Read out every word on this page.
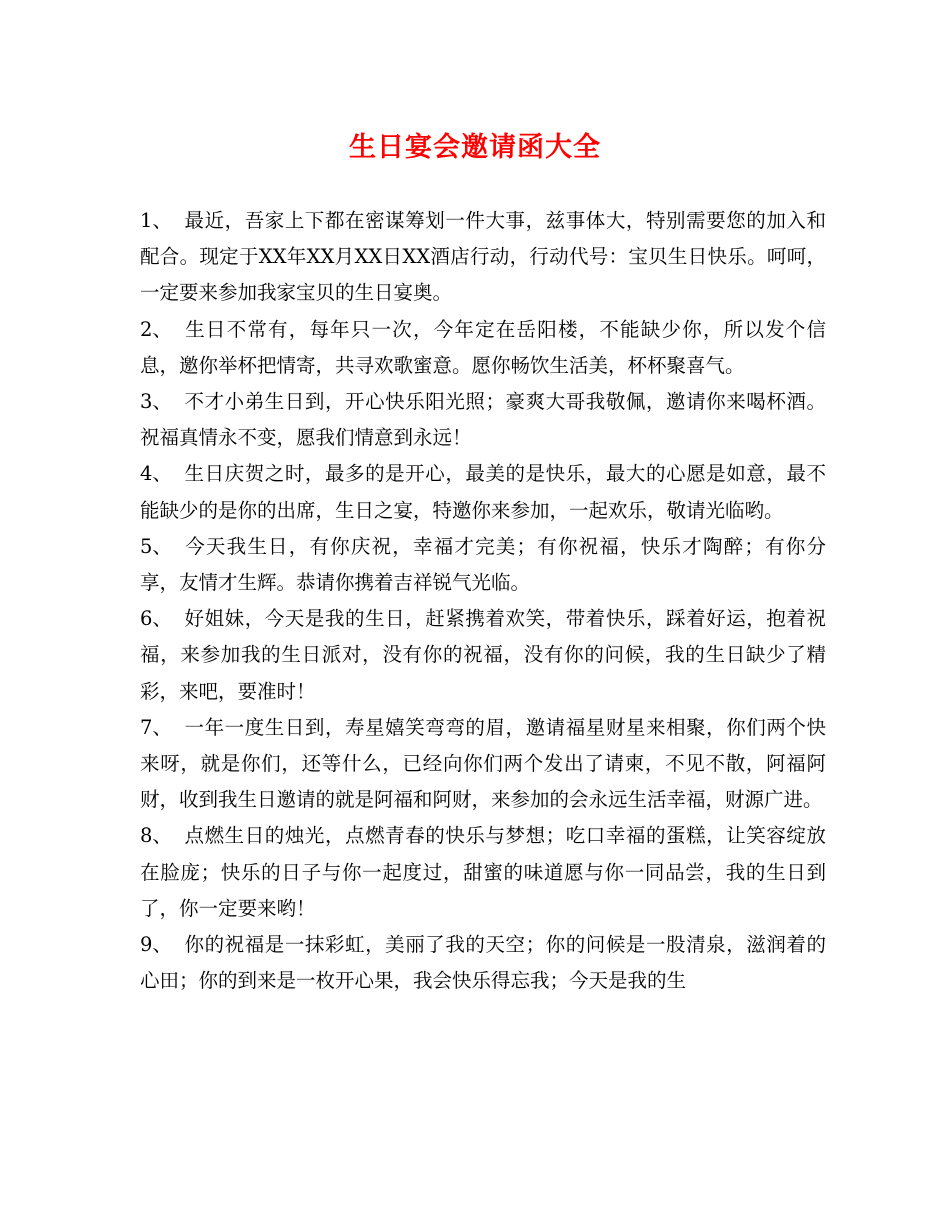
生日宴会邀请函大全

1、 最近，吾家上下都在密谋筹划一件大事，兹事体大，特别需要您的加入和配合。现定于XX年XX月XX日XX酒店行动，行动代号：宝贝生日快乐。呵呵，一定要来参加我家宝贝的生日宴奥。

2、 生日不常有，每年只一次，今年定在岳阳楼，不能缺少你，所以发个信息，邀你举杯把情寄，共寻欢歌蜜意。愿你畅饮生活美，杯杯聚喜气。

3、 不才小弟生日到，开心快乐阳光照；豪爽大哥我敬佩，邀请你来喝杯酒。祝福真情永不变，愿我们情意到永远！

4、 生日庆贺之时，最多的是开心，最美的是快乐，最大的心愿是如意，最不能缺少的是你的出席，生日之宴，特邀你来参加，一起欢乐，敬请光临哟。

5、 今天我生日，有你庆祝，幸福才完美；有你祝福，快乐才陶醉；有你分享，友情才生辉。恭请你携着吉祥锐气光临。

6、 好姐妹，今天是我的生日，赶紧携着欢笑，带着快乐，踩着好运，抱着祝福，来参加我的生日派对，没有你的祝福，没有你的问候，我的生日缺少了精彩，来吧，要准时！

7、 一年一度生日到，寿星嬉笑弯弯的眉，邀请福星财星来相聚，你们两个快来呀，就是你们，还等什么，已经向你们两个发出了请柬，不见不散，阿福阿财，收到我生日邀请的就是阿福和阿财，来参加的会永远生活幸福，财源广进。

8、 点燃生日的烛光，点燃青春的快乐与梦想；吃口幸福的蛋糕，让笑容绽放在脸庞；快乐的日子与你一起度过，甜蜜的味道愿与你一同品尝，我的生日到了，你一定要来哟！

9、 你的祝福是一抹彩虹，美丽了我的天空；你的问候是一股清泉，滋润着的心田；你的到来是一枚开心果，我会快乐得忘我；今天是我的生
